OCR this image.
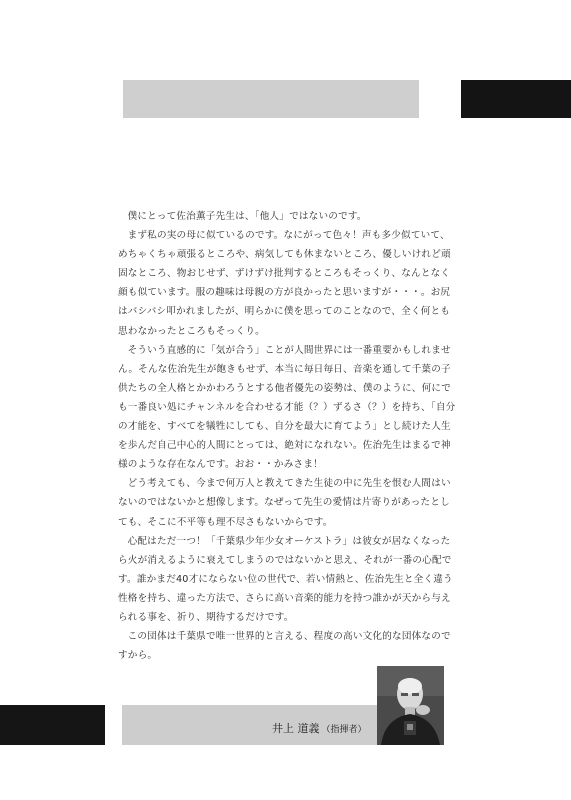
僕にとって佐治薫子先生は、「他人」ではないのです。

まず私の実の母に似ているのです。なにがって色々！声も多少似ていて、めちゃくちゃ頑張るところや、病気しても休まないところ、優しいけれど頑固なところ、物おじせず、ずけずけ批判するところもそっくり、なんとなく顔も似ています。服の趣味は母親の方が良かったと思いますが・・・。お尻はバシバシ叩かれましたが、明らかに僕を思ってのことなので、全く何とも思わなかったところもそっくり。

そういう直感的に「気が合う」ことが人間世界には一番重要かもしれません。そんな佐治先生が飽きもせず、本当に毎日毎日、音楽を通して千葉の子供たちの全人格とかかわろうとする他者優先の姿勢は、僕のように、何にでも一番良い処にチャンネルを合わせる才能（？）ずるさ（？）を持ち、「自分の才能を、すべてを犠牲にしても、自分を最大に育てよう」とし続けた人生を歩んだ自己中心的人間にとっては、絶対になれない。佐治先生はまるで神様のような存在なんです。おお・・かみさま！

どう考えても、今まで何万人と教えてきた生徒の中に先生を恨む人間はいないのではないかと想像します。なぜって先生の愛情は片寄りがあったとしても、そこに不平等も理不尽さもないからです。

心配はただ一つ！「千葉県少年少女オーケストラ」は彼女が居なくなったら火が消えるように衰えてしまうのではないかと思え、それが一番の心配です。誰かまだ40才にならない位の世代で、若い情熱と、佐治先生と全く違う性格を持ち、違った方法で、さらに高い音楽的能力を持つ誰かが天から与えられる事を、祈り、期待するだけです。

この団体は千葉県で唯一世界的と言える、程度の高い文化的な団体なのですから。

井上 道義 （指揮者）
